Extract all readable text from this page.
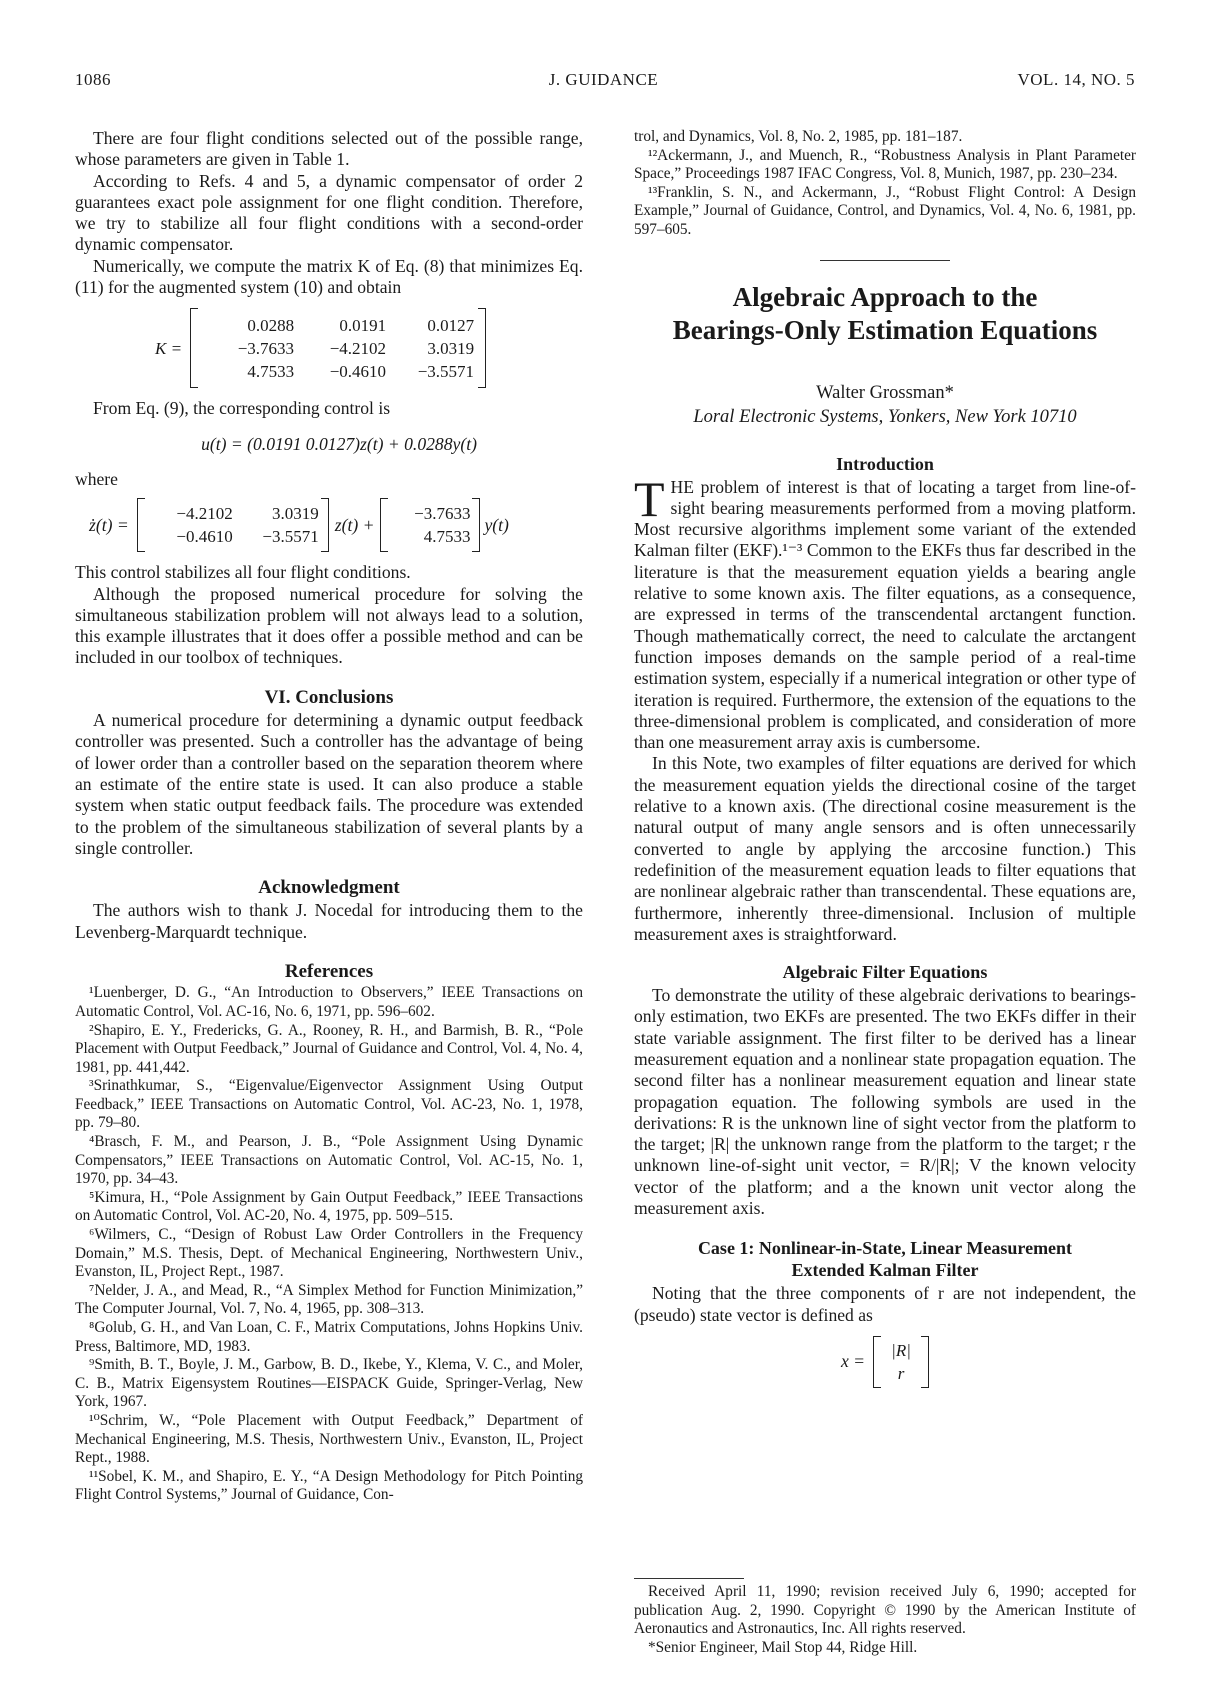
1086	J. GUIDANCE	VOL. 14, NO. 5

There are four flight conditions selected out of the possible range, whose parameters are given in Table 1.

According to Refs. 4 and 5, a dynamic compensator of order 2 guarantees exact pole assignment for one flight condition. Therefore, we try to stabilize all four flight conditions with a second-order dynamic compensator.

Numerically, we compute the matrix K of Eq. (8) that minimizes Eq. (11) for the augmented system (10) and obtain

K =
0.0288	0.0191	0.0127
−3.7633	−4.2102	3.0319
4.7533	−0.4610	−3.5571

From Eq. (9), the corresponding control is

u(t) = (0.0191 0.0127)z(t) + 0.0288y(t)

where

ż(t) =
−4.2102	3.0319
−0.4610	−3.5571
z(t) +
−3.7633
4.7533
y(t)

This control stabilizes all four flight conditions.

Although the proposed numerical procedure for solving the simultaneous stabilization problem will not always lead to a solution, this example illustrates that it does offer a possible method and can be included in our toolbox of techniques.

VI. Conclusions

A numerical procedure for determining a dynamic output feedback controller was presented. Such a controller has the advantage of being of lower order than a controller based on the separation theorem where an estimate of the entire state is used. It can also produce a stable system when static output feedback fails. The procedure was extended to the problem of the simultaneous stabilization of several plants by a single controller.

Acknowledgment

The authors wish to thank J. Nocedal for introducing them to the Levenberg-Marquardt technique.

References

¹Luenberger, D. G., “An Introduction to Observers,” IEEE Transactions on Automatic Control, Vol. AC-16, No. 6, 1971, pp. 596–602.

²Shapiro, E. Y., Fredericks, G. A., Rooney, R. H., and Barmish, B. R., “Pole Placement with Output Feedback,” Journal of Guidance and Control, Vol. 4, No. 4, 1981, pp. 441,442.

³Srinathkumar, S., “Eigenvalue/Eigenvector Assignment Using Output Feedback,” IEEE Transactions on Automatic Control, Vol. AC-23, No. 1, 1978, pp. 79–80.

⁴Brasch, F. M., and Pearson, J. B., “Pole Assignment Using Dynamic Compensators,” IEEE Transactions on Automatic Control, Vol. AC-15, No. 1, 1970, pp. 34–43.

⁵Kimura, H., “Pole Assignment by Gain Output Feedback,” IEEE Transactions on Automatic Control, Vol. AC-20, No. 4, 1975, pp. 509–515.

⁶Wilmers, C., “Design of Robust Law Order Controllers in the Frequency Domain,” M.S. Thesis, Dept. of Mechanical Engineering, Northwestern Univ., Evanston, IL, Project Rept., 1987.

⁷Nelder, J. A., and Mead, R., “A Simplex Method for Function Minimization,” The Computer Journal, Vol. 7, No. 4, 1965, pp. 308–313.

⁸Golub, G. H., and Van Loan, C. F., Matrix Computations, Johns Hopkins Univ. Press, Baltimore, MD, 1983.

⁹Smith, B. T., Boyle, J. M., Garbow, B. D., Ikebe, Y., Klema, V. C., and Moler, C. B., Matrix Eigensystem Routines—EISPACK Guide, Springer-Verlag, New York, 1967.

¹⁰Schrim, W., “Pole Placement with Output Feedback,” Department of Mechanical Engineering, M.S. Thesis, Northwestern Univ., Evanston, IL, Project Rept., 1988.

¹¹Sobel, K. M., and Shapiro, E. Y., “A Design Methodology for Pitch Pointing Flight Control Systems,” Journal of Guidance, Con-

trol, and Dynamics, Vol. 8, No. 2, 1985, pp. 181–187.

¹²Ackermann, J., and Muench, R., “Robustness Analysis in Plant Parameter Space,” Proceedings 1987 IFAC Congress, Vol. 8, Munich, 1987, pp. 230–234.

¹³Franklin, S. N., and Ackermann, J., “Robust Flight Control: A Design Example,” Journal of Guidance, Control, and Dynamics, Vol. 4, No. 6, 1981, pp. 597–605.

Algebraic Approach to the
Bearings-Only Estimation Equations
Walter Grossman*
Loral Electronic Systems, Yonkers, New York 10710
Introduction

THE problem of interest is that of locating a target from line-of-sight bearing measurements performed from a moving platform. Most recursive algorithms implement some variant of the extended Kalman filter (EKF).¹⁻³ Common to the EKFs thus far described in the literature is that the measurement equation yields a bearing angle relative to some known axis. The filter equations, as a consequence, are expressed in terms of the transcendental arctangent function. Though mathematically correct, the need to calculate the arctangent function imposes demands on the sample period of a real-time estimation system, especially if a numerical integration or other type of iteration is required. Furthermore, the extension of the equations to the three-dimensional problem is complicated, and consideration of more than one measurement array axis is cumbersome.

In this Note, two examples of filter equations are derived for which the measurement equation yields the directional cosine of the target relative to a known axis. (The directional cosine measurement is the natural output of many angle sensors and is often unnecessarily converted to angle by applying the arccosine function.) This redefinition of the measurement equation leads to filter equations that are nonlinear algebraic rather than transcendental. These equations are, furthermore, inherently three-dimensional. Inclusion of multiple measurement axes is straightforward.

Algebraic Filter Equations

To demonstrate the utility of these algebraic derivations to bearings-only estimation, two EKFs are presented. The two EKFs differ in their state variable assignment. The first filter to be derived has a linear measurement equation and a nonlinear state propagation equation. The second filter has a nonlinear measurement equation and linear state propagation equation. The following symbols are used in the derivations: R is the unknown line of sight vector from the platform to the target; |R| the unknown range from the platform to the target; r the unknown line-of-sight unit vector, = R/|R|; V the known velocity vector of the platform; and a the known unit vector along the measurement axis.

Case 1: Nonlinear-in-State, Linear Measurement
Extended Kalman Filter

Noting that the three components of r are not independent, the (pseudo) state vector is defined as

x =
|R|
r

Received April 11, 1990; revision received July 6, 1990; accepted for publication Aug. 2, 1990. Copyright © 1990 by the American Institute of Aeronautics and Astronautics, Inc. All rights reserved.

*Senior Engineer, Mail Stop 44, Ridge Hill.
